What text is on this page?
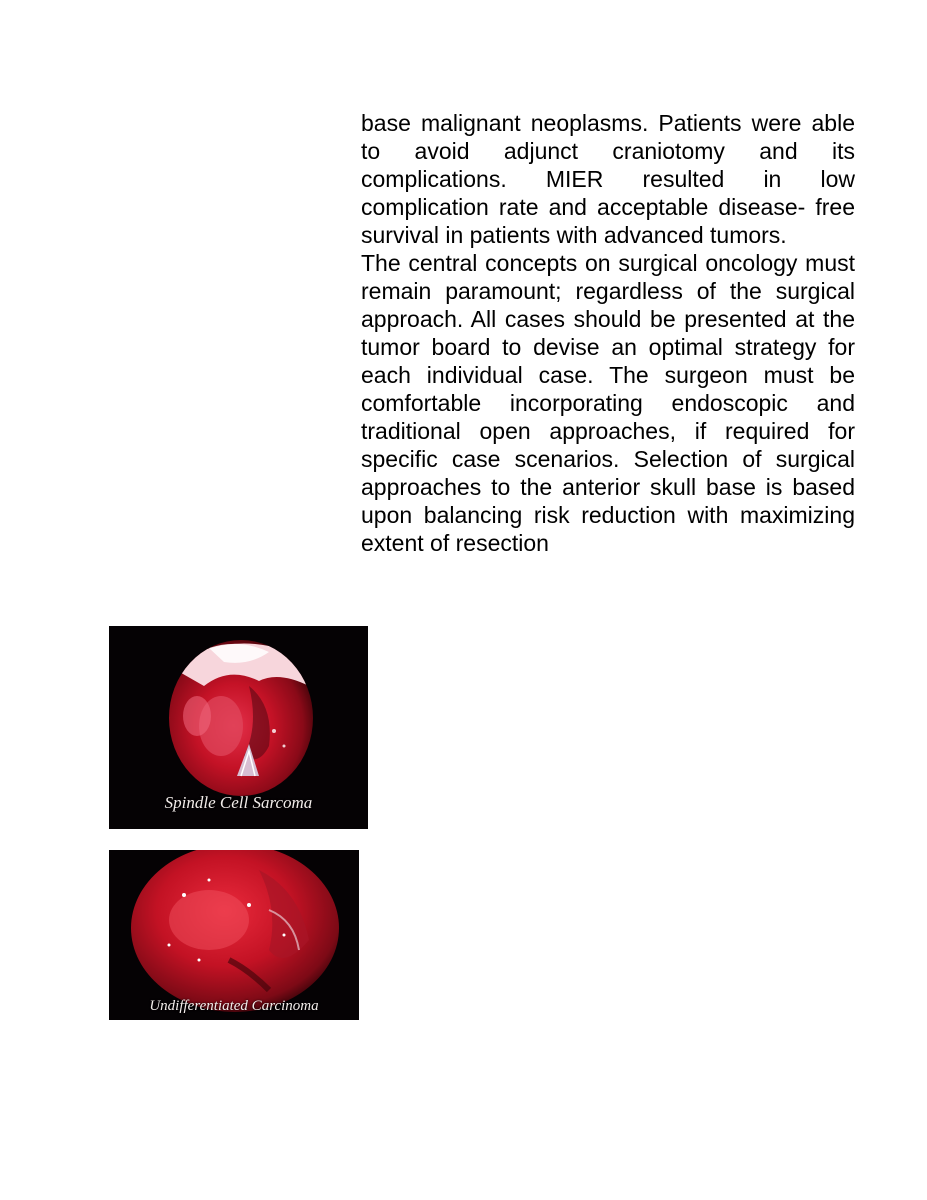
base malignant neoplasms. Patients were able to avoid adjunct craniotomy and its complications. MIER resulted in low complication rate and acceptable disease- free survival in patients with advanced tumors.

The central concepts on surgical oncology must remain paramount; regardless of the surgical approach. All cases should be presented at the tumor board to devise an optimal strategy for each individual case. The surgeon must be comfortable incorporating endoscopic and traditional open approaches, if required for specific case scenarios. Selection of surgical approaches to the anterior skull base is based upon balancing risk reduction with maximizing extent of resection

Spindle Cell Sarcoma
Undifferentiated Carcinoma
